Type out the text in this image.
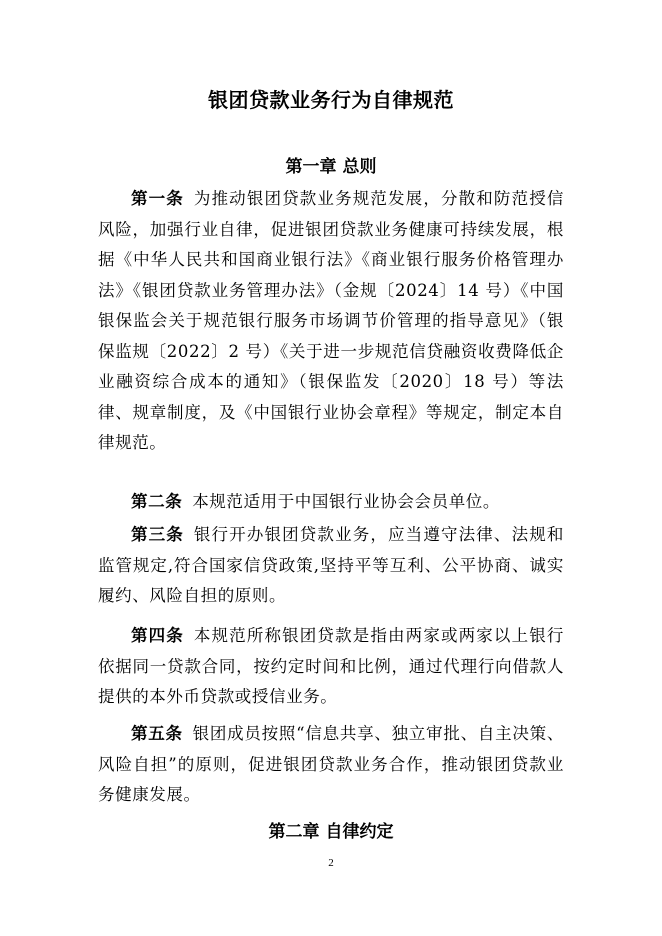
银团贷款业务行为自律规范
第一章 总则

第一条 为推动银团贷款业务规范发展，分散和防范授信风险，加强行业自律，促进银团贷款业务健康可持续发展，根据《中华人民共和国商业银行法》《商业银行服务价格管理办法》《银团贷款业务管理办法》（金规〔2024〕14 号）《中国银保监会关于规范银行服务市场调节价管理的指导意见》（银保监规〔2022〕2 号）《关于进一步规范信贷融资收费降低企业融资综合成本的通知》（银保监发〔2020〕18 号）等法律、规章制度，及《中国银行业协会章程》等规定，制定本自律规范。

第二条 本规范适用于中国银行业协会会员单位。

第三条 银行开办银团贷款业务，应当遵守法律、法规和监管规定,符合国家信贷政策,坚持平等互利、公平协商、诚实履约、风险自担的原则。

第四条 本规范所称银团贷款是指由两家或两家以上银行依据同一贷款合同，按约定时间和比例，通过代理行向借款人提供的本外币贷款或授信业务。

第五条 银团成员按照“信息共享、独立审批、自主决策、风险自担”的原则，促进银团贷款业务合作，推动银团贷款业务健康发展。

第二章 自律约定
2
